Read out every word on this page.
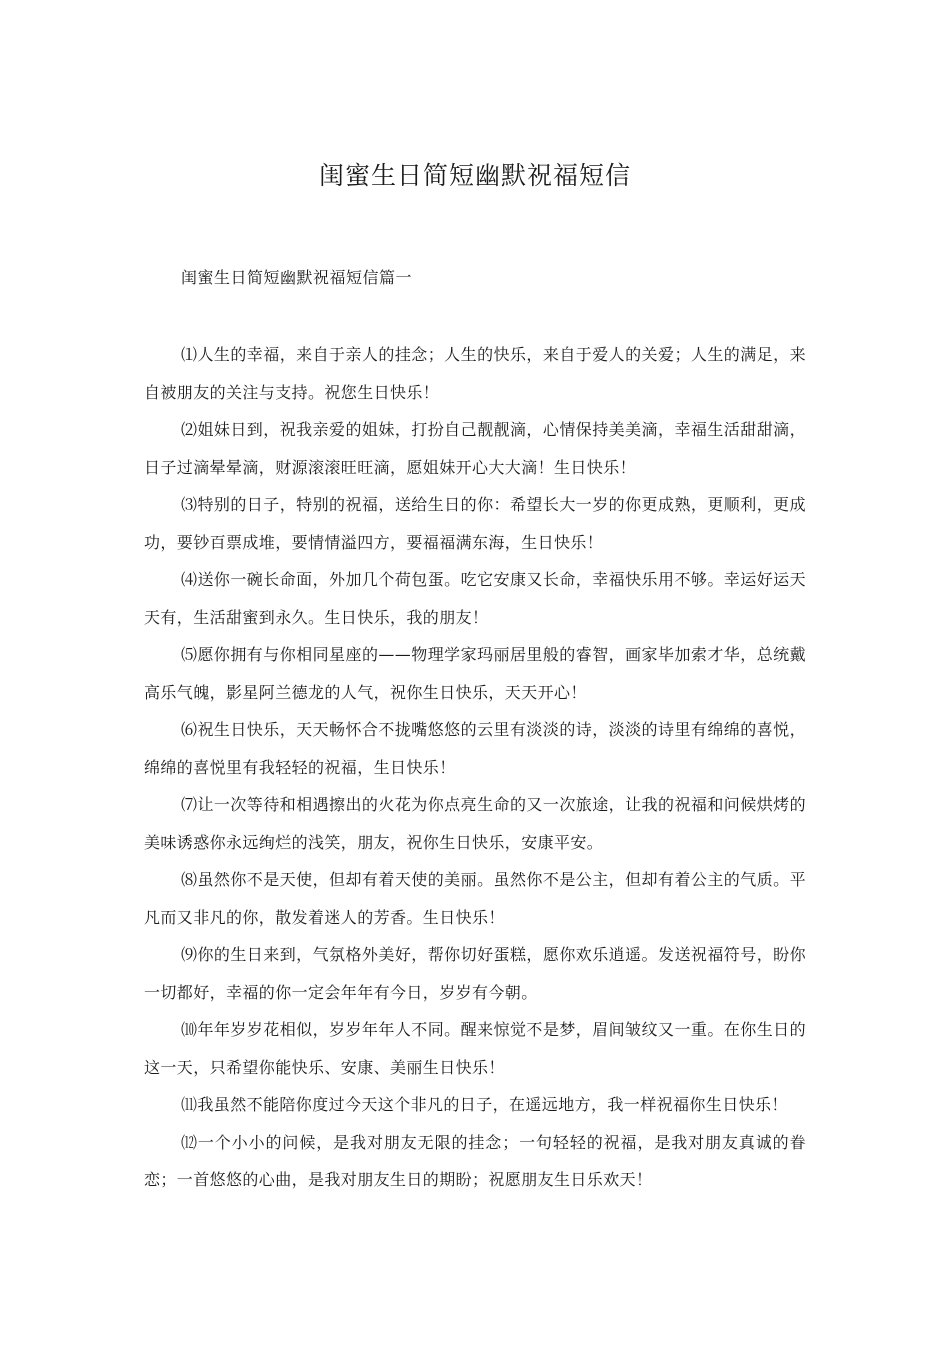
闺蜜生日简短幽默祝福短信
闺蜜生日简短幽默祝福短信篇一

⑴人生的幸福，来自于亲人的挂念；人生的快乐，来自于爱人的关爱；人生的满足，来自被朋友的关注与支持。祝您生日快乐！

⑵姐妹日到，祝我亲爱的姐妹，打扮自己靓靓滴，心情保持美美滴，幸福生活甜甜滴，日子过滴晕晕滴，财源滚滚旺旺滴，愿姐妹开心大大滴！生日快乐！

⑶特别的日子，特别的祝福，送给生日的你：希望长大一岁的你更成熟，更顺利，更成功，要钞百票成堆，要情情溢四方，要福福满东海，生日快乐！

⑷送你一碗长命面，外加几个荷包蛋。吃它安康又长命，幸福快乐用不够。幸运好运天天有，生活甜蜜到永久。生日快乐，我的朋友！

⑸愿你拥有与你相同星座的——物理学家玛丽居里般的睿智，画家毕加索才华，总统戴高乐气魄，影星阿兰德龙的人气，祝你生日快乐，天天开心！

⑹祝生日快乐，天天畅怀合不拢嘴悠悠的云里有淡淡的诗，淡淡的诗里有绵绵的喜悦，绵绵的喜悦里有我轻轻的祝福，生日快乐！

⑺让一次等待和相遇擦出的火花为你点亮生命的又一次旅途，让我的祝福和问候烘烤的美味诱惑你永远绚烂的浅笑，朋友，祝你生日快乐，安康平安。

⑻虽然你不是天使，但却有着天使的美丽。虽然你不是公主，但却有着公主的气质。平凡而又非凡的你，散发着迷人的芳香。生日快乐！

⑼你的生日来到，气氛格外美好，帮你切好蛋糕，愿你欢乐逍遥。发送祝福符号，盼你一切都好，幸福的你一定会年年有今日，岁岁有今朝。

⑽年年岁岁花相似，岁岁年年人不同。醒来惊觉不是梦，眉间皱纹又一重。在你生日的这一天，只希望你能快乐、安康、美丽生日快乐！

⑾我虽然不能陪你度过今天这个非凡的日子，在遥远地方，我一样祝福你生日快乐！

⑿一个小小的问候，是我对朋友无限的挂念；一句轻轻的祝福，是我对朋友真诚的眷恋；一首悠悠的心曲，是我对朋友生日的期盼；祝愿朋友生日乐欢天！
